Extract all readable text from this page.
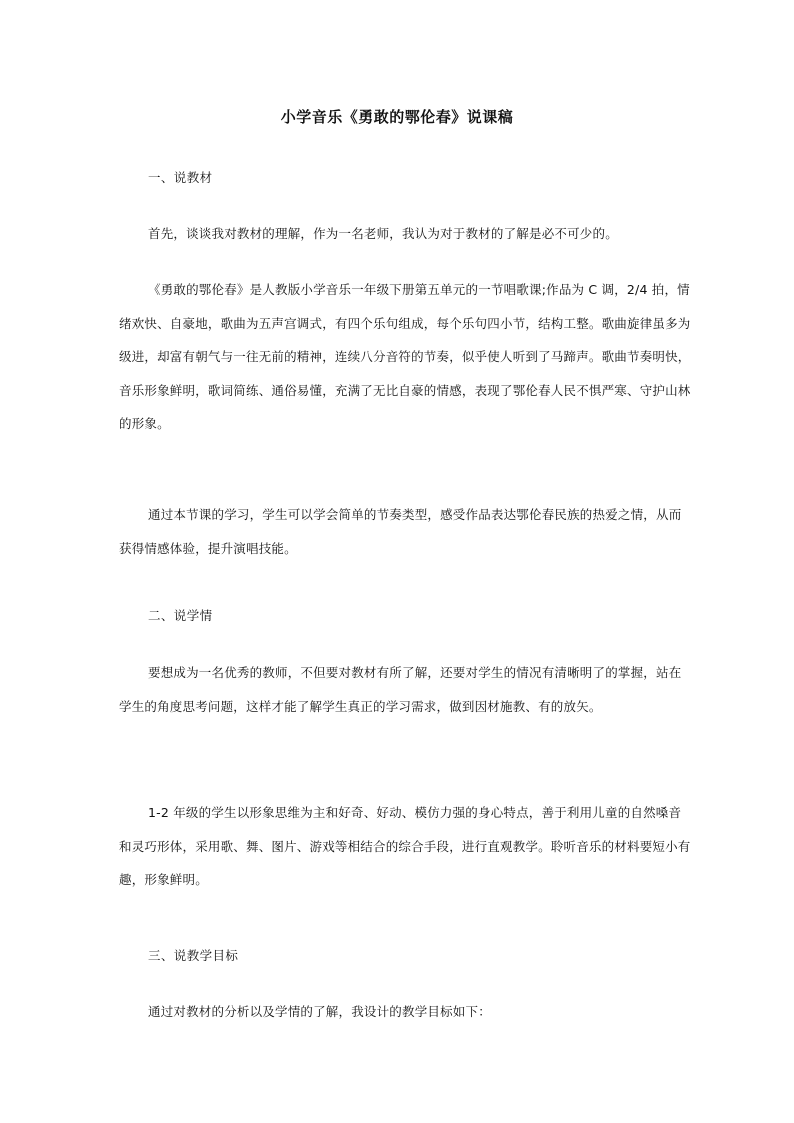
小学音乐《勇敢的鄂伦春》说课稿
一、说教材
首先，谈谈我对教材的理解，作为一名老师，我认为对于教材的了解是必不可少的。
《勇敢的鄂伦春》是人教版小学音乐一年级下册第五单元的一节唱歌课;作品为 C 调，2/4 拍，情绪欢快、自豪地，歌曲为五声宫调式，有四个乐句组成，每个乐句四小节，结构工整。歌曲旋律虽多为级进，却富有朝气与一往无前的精神，连续八分音符的节奏，似乎使人听到了马蹄声。歌曲节奏明快，音乐形象鲜明，歌词简练、通俗易懂，充满了无比自豪的情感，表现了鄂伦春人民不惧严寒、守护山林的形象。
通过本节课的学习，学生可以学会简单的节奏类型，感受作品表达鄂伦春民族的热爱之情，从而获得情感体验，提升演唱技能。
二、说学情
要想成为一名优秀的教师，不但要对教材有所了解，还要对学生的情况有清晰明了的掌握，站在学生的角度思考问题，这样才能了解学生真正的学习需求，做到因材施教、有的放矢。
1-2 年级的学生以形象思维为主和好奇、好动、模仿力强的身心特点，善于利用儿童的自然嗓音和灵巧形体，采用歌、舞、图片、游戏等相结合的综合手段，进行直观教学。聆听音乐的材料要短小有趣，形象鲜明。
三、说教学目标
通过对教材的分析以及学情的了解，我设计的教学目标如下：
